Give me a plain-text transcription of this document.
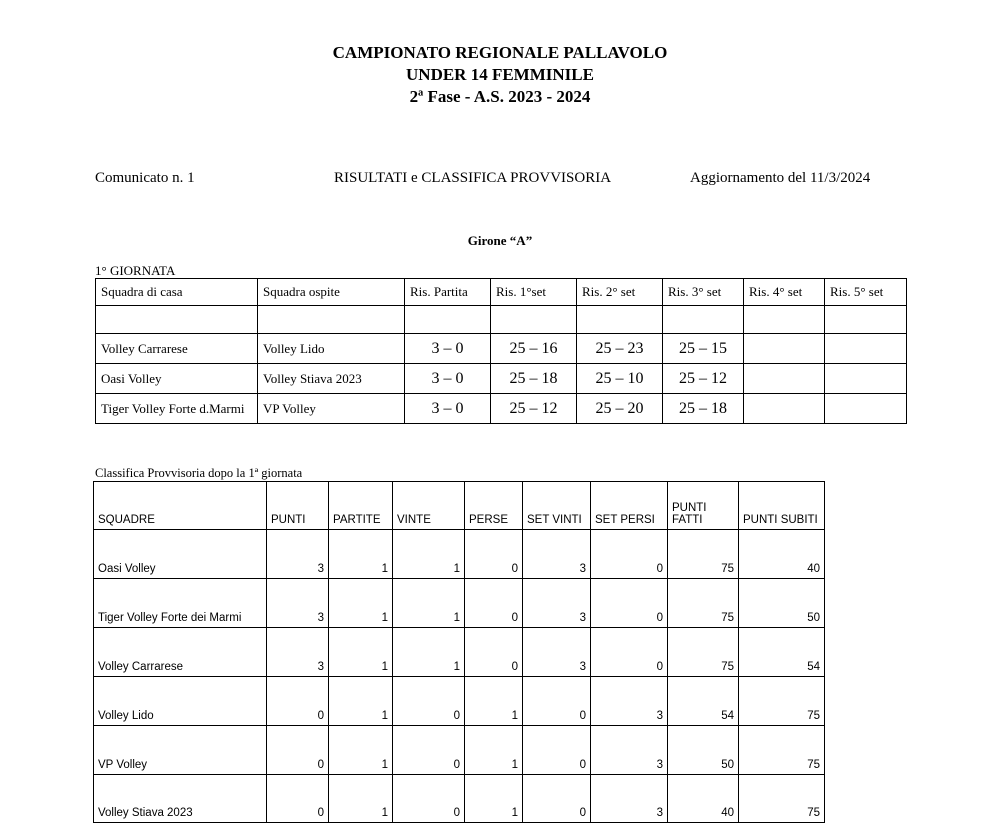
CAMPIONATO REGIONALE PALLAVOLO
UNDER 14 FEMMINILE
2ª Fase - A.S. 2023 - 2024
Comunicato n. 1	RISULTATI e CLASSIFICA PROVVISORIA	Aggiornamento del 11/3/2024
Girone “A”
1° GIORNATA
Squadra di casa	Squadra ospite	Ris. Partita	Ris. 1°set	Ris. 2° set	Ris. 3° set	Ris. 4° set	Ris. 5° set

Volley Carrarese	Volley Lido	3 – 0	25 – 16	25 – 23	25 – 15		
Oasi Volley	Volley Stiava 2023	3 – 0	25 – 18	25 – 10	25 – 12		
Tiger Volley Forte d.Marmi	VP Volley	3 – 0	25 – 12	25 – 20	25 – 18		
Classifica Provvisoria dopo la 1ª giornata
SQUADRE	PUNTI	PARTITE	VINTE	PERSE	SET VINTI	SET PERSI	PUNTI FATTI	PUNTI SUBITI
Oasi Volley	3	1	1	0	3	0	75	40
Tiger Volley Forte dei Marmi	3	1	1	0	3	0	75	50
Volley Carrarese	3	1	1	0	3	0	75	54
Volley Lido	0	1	0	1	0	3	54	75
VP Volley	0	1	0	1	0	3	50	75
Volley Stiava 2023	0	1	0	1	0	3	40	75
